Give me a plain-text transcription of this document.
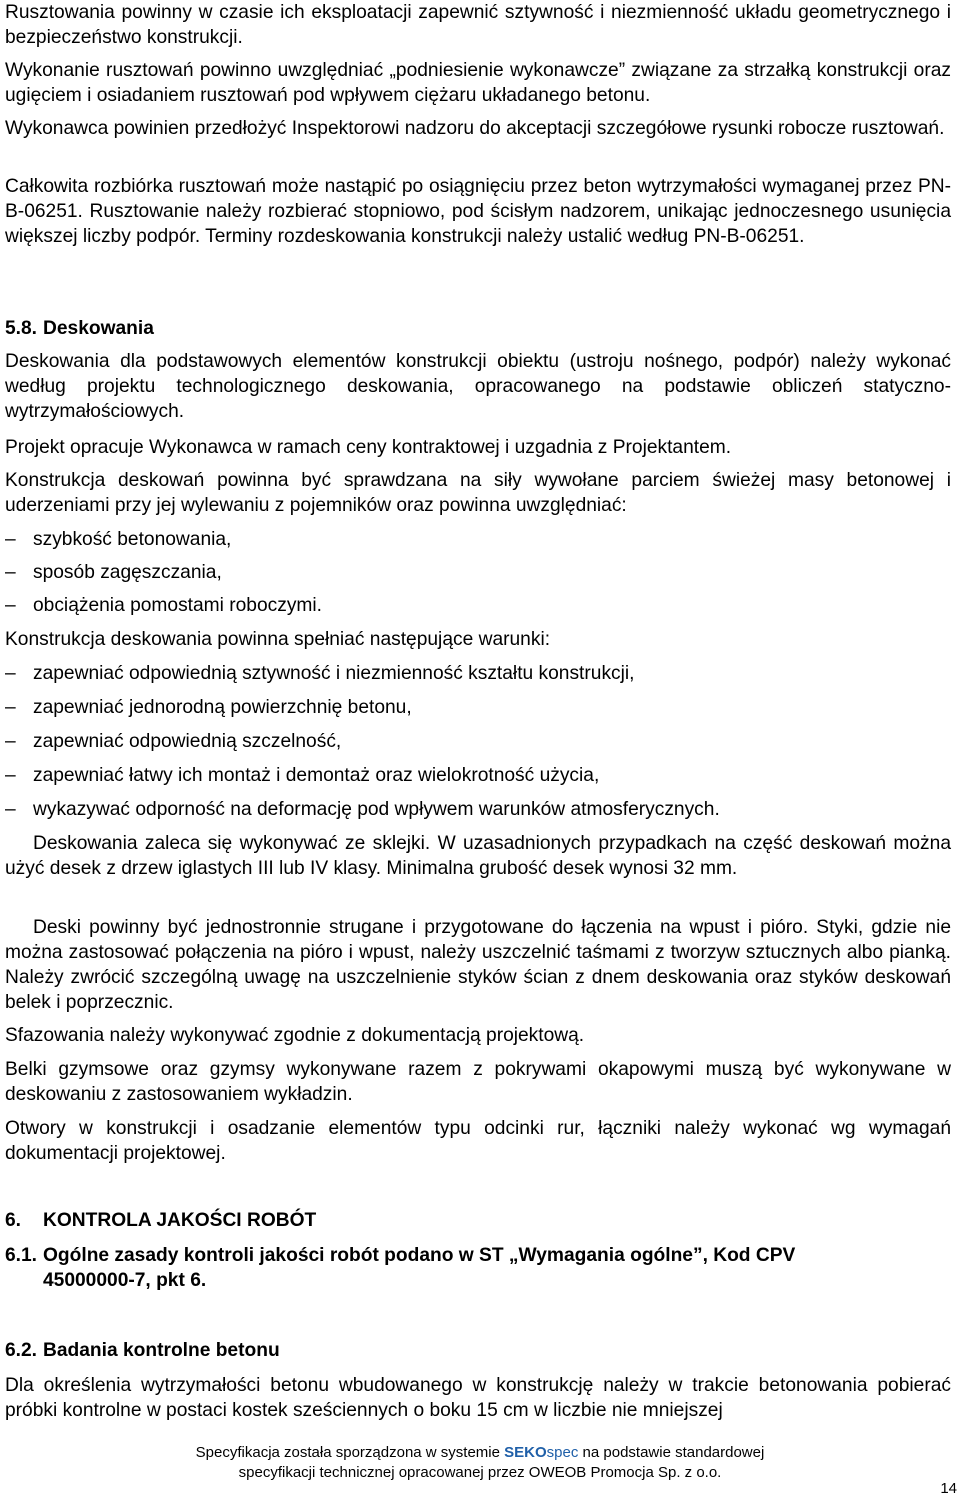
Rusztowania powinny w czasie ich eksploatacji zapewnić sztywność i niezmienność układu geometrycznego i bezpieczeństwo konstrukcji.

Wykonanie rusztowań powinno uwzględniać „podniesienie wykonawcze” związane za strzałką konstrukcji oraz ugięciem i osiadaniem rusztowań pod wpływem ciężaru układanego betonu.

Wykonawca powinien przedłożyć Inspektorowi nadzoru do akceptacji szczegółowe rysunki robocze rusztowań.

Całkowita rozbiórka rusztowań może nastąpić po osiągnięciu przez beton wytrzymałości wymaganej przez PN-B-06251. Rusztowanie należy rozbierać stopniowo, pod ścisłym nadzorem, unikając jednoczesnego usunięcia większej liczby podpór. Terminy rozdeskowania konstrukcji należy ustalić według PN-B-06251.

5.8. Deskowania

Deskowania dla podstawowych elementów konstrukcji obiektu (ustroju nośnego, podpór) należy wykonać według projektu technologicznego deskowania, opracowanego na podstawie obliczeń statyczno-wytrzymałościowych.

Projekt opracuje Wykonawca w ramach ceny kontraktowej i uzgadnia z Projektantem.

Konstrukcja deskowań powinna być sprawdzana na siły wywołane parciem świeżej masy betonowej i uderzeniami przy jej wylewaniu z pojemników oraz powinna uwzględniać:

– szybkość betonowania,
– sposób zagęszczania,
– obciążenia pomostami roboczymi.

Konstrukcja deskowania powinna spełniać następujące warunki:

– zapewniać odpowiednią sztywność i niezmienność kształtu konstrukcji,
– zapewniać jednorodną powierzchnię betonu,
– zapewniać odpowiednią szczelność,
– zapewniać łatwy ich montaż i demontaż oraz wielokrotność użycia,
– wykazywać odporność na deformację pod wpływem warunków atmosferycznych.

Deskowania zaleca się wykonywać ze sklejki. W uzasadnionych przypadkach na część deskowań można użyć desek z drzew iglastych III lub IV klasy. Minimalna grubość desek wynosi 32 mm.

Deski powinny być jednostronnie strugane i przygotowane do łączenia na wpust i pióro. Styki, gdzie nie można zastosować połączenia na pióro i wpust, należy uszczelnić taśmami z tworzyw sztucznych albo pianką. Należy zwrócić szczególną uwagę na uszczelnienie styków ścian z dnem deskowania oraz styków deskowań belek i poprzecznic.

Sfazowania należy wykonywać zgodnie z dokumentacją projektową.

Belki gzymsowe oraz gzymsy wykonywane razem z pokrywami okapowymi muszą być wykonywane w deskowaniu z zastosowaniem wykładzin.

Otwory w konstrukcji i osadzanie elementów typu odcinki rur, łączniki należy wykonać wg wymagań dokumentacji projektowej.

6. KONTROLA JAKOŚCI ROBÓT
6.1. Ogólne zasady kontroli jakości robót podano w ST „Wymagania ogólne”, Kod CPV
45000000-7, pkt 6.
6.2. Badania kontrolne betonu

Dla określenia wytrzymałości betonu wbudowanego w konstrukcję należy w trakcie betonowania pobierać próbki kontrolne w postaci kostek sześciennych o boku 15 cm w liczbie nie mniejszej

Specyfikacja została sporządzona w systemie SEKOspec na podstawie standardowej
specyfikacji technicznej opracowanej przez OWEOB Promocja Sp. z o.o.
14
